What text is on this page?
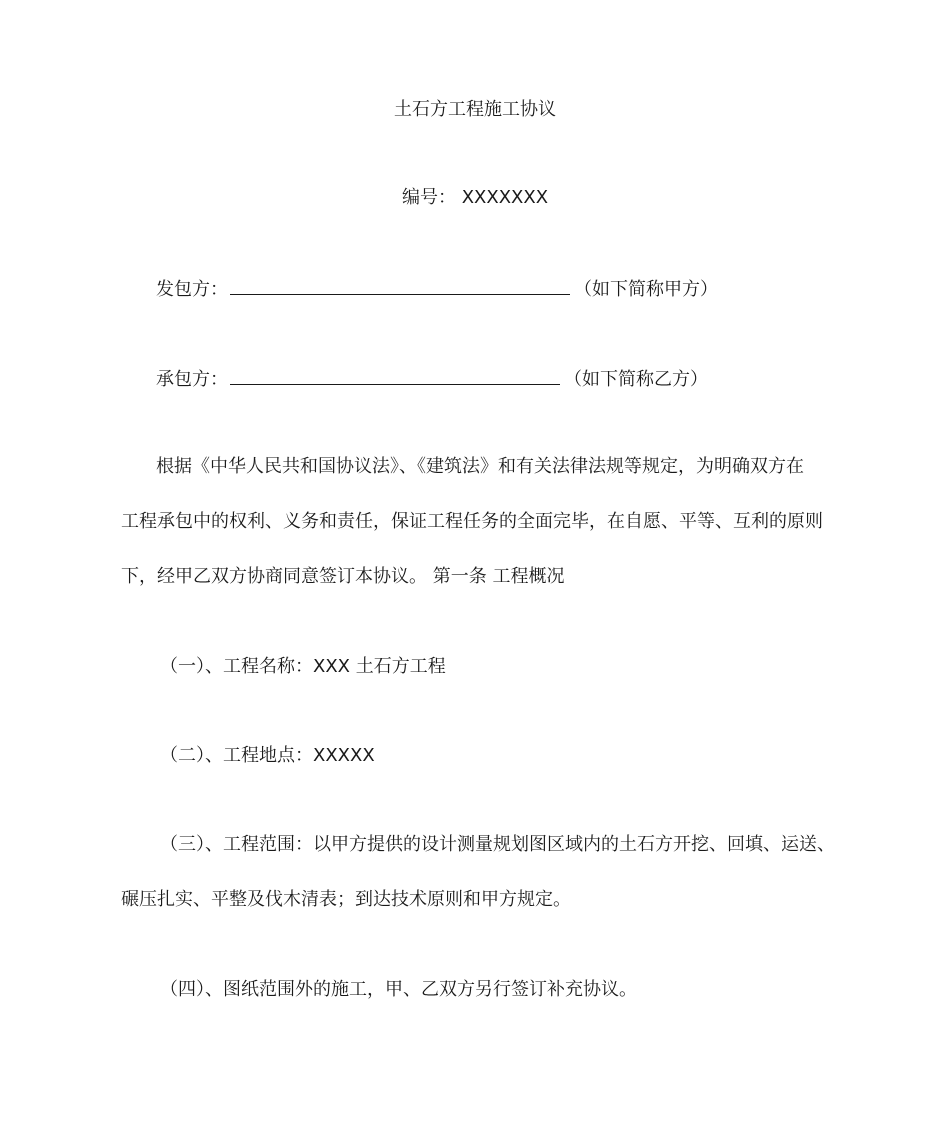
土石方工程施工协议
编号： XXXXXXX
发包方：	（如下简称甲方）
承包方：	（如下简称乙方）
根据《中华人民共和国协议法》、《建筑法》和有关法律法规等规定，为明确双方在
工程承包中的权利、义务和责任，保证工程任务的全面完毕，在自愿、平等、互利的原则
下，经甲乙双方协商同意签订本协议。 第一条 工程概况
（一）、工程名称：XXX 土石方工程
（二）、工程地点：XXXXX
（三）、工程范围：以甲方提供的设计测量规划图区域内的土石方开挖、回填、运送、
碾压扎实、平整及伐木清表；到达技术原则和甲方规定。
（四）、图纸范围外的施工，甲、乙双方另行签订补充协议。
